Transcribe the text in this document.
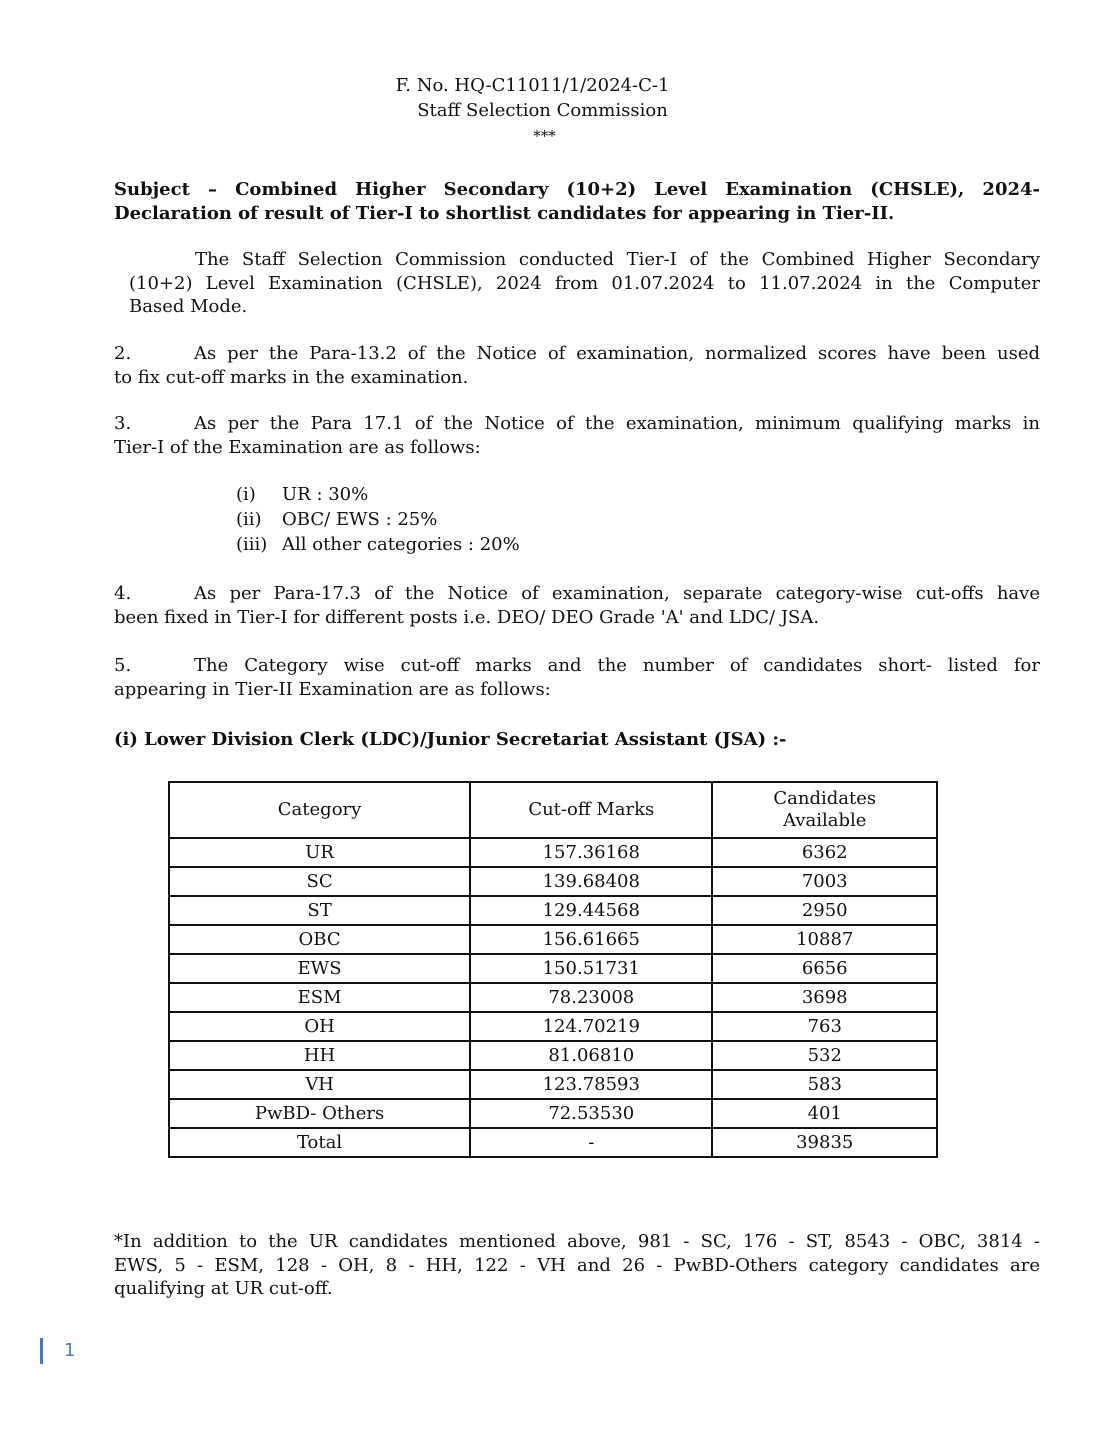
F. No. HQ-C11011/1/2024-C-1
Staff Selection Commission
***
Subject – Combined Higher Secondary (10+2) Level Examination (CHSLE), 2024-
Declaration of result of Tier-I to shortlist candidates for appearing in Tier-II.
The Staff Selection Commission conducted Tier-I of the Combined Higher Secondary
(10+2) Level Examination (CHSLE), 2024 from 01.07.2024 to 11.07.2024 in the Computer
Based Mode.
2.	As per the Para-13.2 of the Notice of examination, normalized scores have been used
to fix cut-off marks in the examination.
3.	As per the Para 17.1 of the Notice of the examination, minimum qualifying marks in
Tier-I of the Examination are as follows:
(i) UR : 30%
(ii) OBC/ EWS : 25%
(iii) All other categories : 20%
4.	As per Para-17.3 of the Notice of examination, separate category-wise cut-offs have
been fixed in Tier-I for different posts i.e. DEO/ DEO Grade 'A' and LDC/ JSA.
5.	The Category wise cut-off marks and the number of candidates short- listed for
appearing in Tier-II Examination are as follows:
(i) Lower Division Clerk (LDC)/Junior Secretariat Assistant (JSA) :-
Category	Cut-off Marks	Candidates
Available
UR	157.36168	6362
SC	139.68408	7003
ST	129.44568	2950
OBC	156.61665	10887
EWS	150.51731	6656
ESM	78.23008	3698
OH	124.70219	763
HH	81.06810	532
VH	123.78593	583
PwBD- Others	72.53530	401
Total	-	39835
*In addition to the UR candidates mentioned above, 981 - SC, 176 - ST, 8543 - OBC, 3814 -
EWS, 5 - ESM, 128 - OH, 8 - HH, 122 - VH and 26 - PwBD-Others category candidates are
qualifying at UR cut-off.
1
